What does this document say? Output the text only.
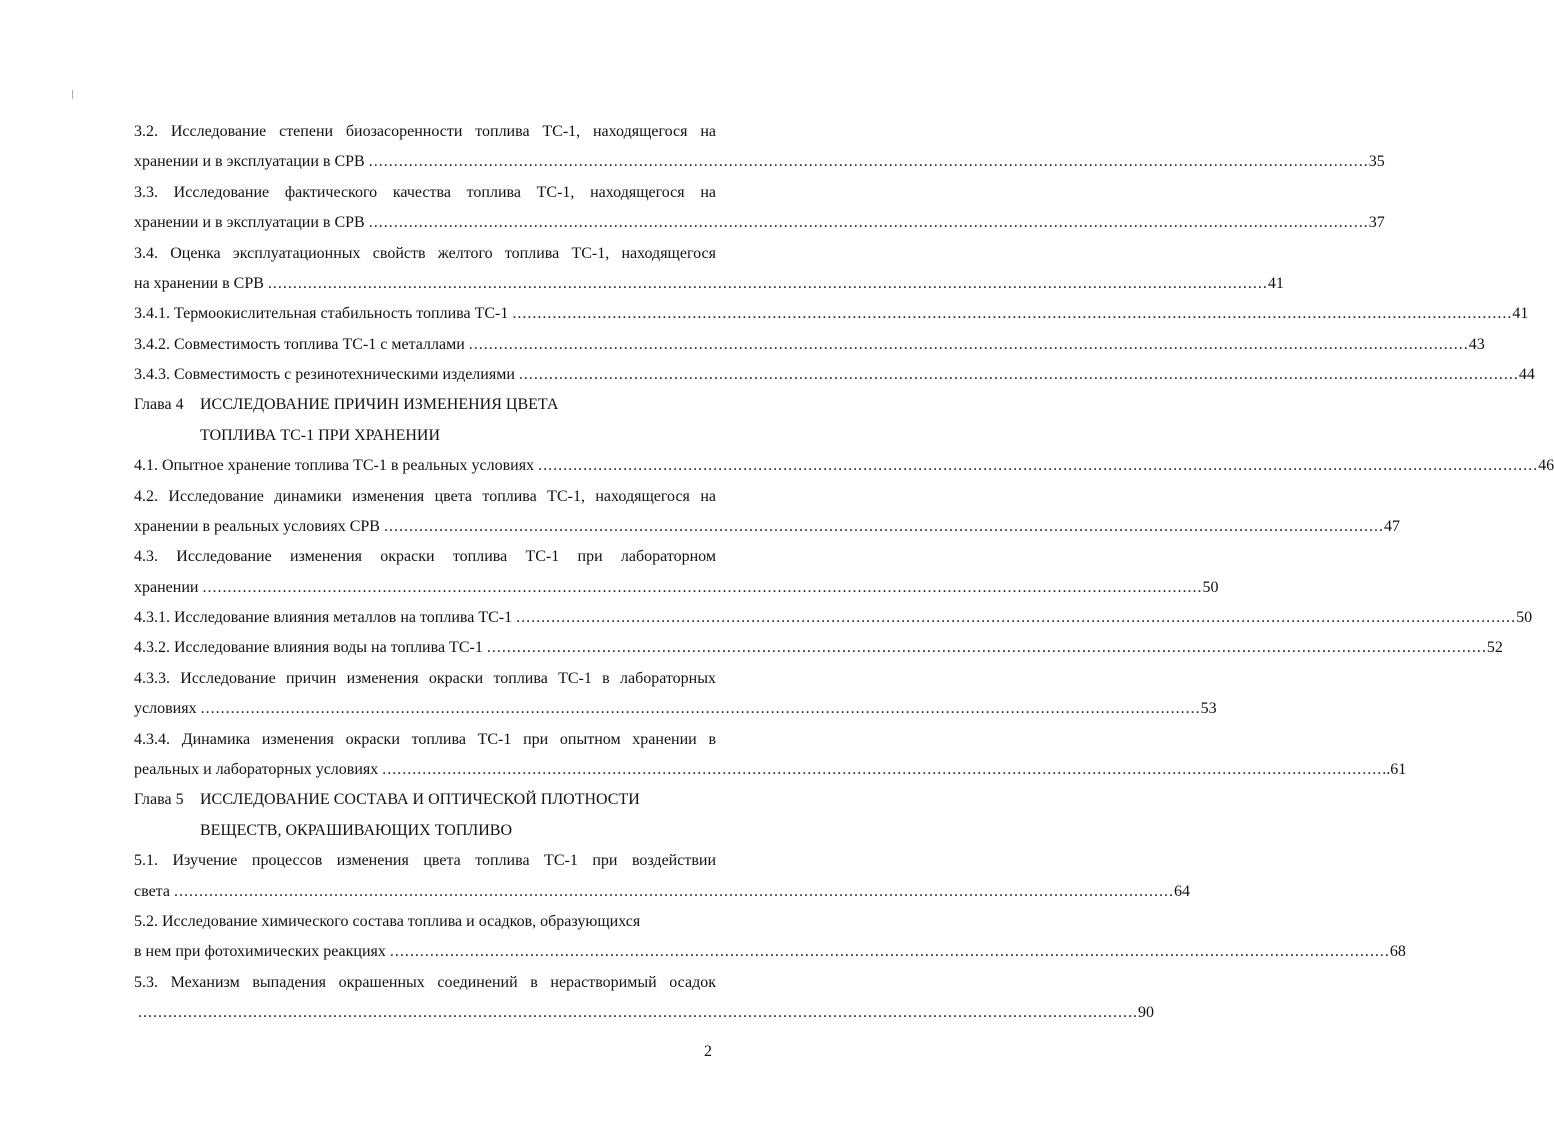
3.2. Исследование степени биозасоренности топлива ТС-1, находящегося на
хранении и в эксплуатации в СРВ ........................................................................................................................................................................................................ 35
3.3. Исследование фактического качества топлива ТС-1, находящегося на
хранении и в эксплуатации в СРВ ........................................................................................................................................................................................................ 37
3.4. Оценка эксплуатационных свойств желтого топлива ТС-1, находящегося
на хранении в СРВ ........................................................................................................................................................................................................ 41
3.4.1. Термоокислительная стабильность топлива ТС-1 ........................................................................................................................................................................................................ 41
3.4.2. Совместимость топлива ТС-1 с металлами ........................................................................................................................................................................................................ 43
3.4.3. Совместимость с резинотехническими изделиями ........................................................................................................................................................................................................ 44
Глава 4 ИССЛЕДОВАНИЕ ПРИЧИН ИЗМЕНЕНИЯ ЦВЕТА
ТОПЛИВА ТС-1 ПРИ ХРАНЕНИИ
4.1. Опытное хранение топлива ТС-1 в реальных условиях ........................................................................................................................................................................................................ 46
4.2. Исследование динамики изменения цвета топлива ТС-1, находящегося на
хранении в реальных условиях СРВ ........................................................................................................................................................................................................ 47
4.3. Исследование изменения окраски топлива ТС-1 при лабораторном
хранении ........................................................................................................................................................................................................ 50
4.3.1. Исследование влияния металлов на топлива ТС-1 ........................................................................................................................................................................................................ 50
4.3.2. Исследование влияния воды на топлива ТС-1 ........................................................................................................................................................................................................ 52
4.3.3. Исследование причин изменения окраски топлива ТС-1 в лабораторных
условиях ........................................................................................................................................................................................................ 53
4.3.4. Динамика изменения окраски топлива ТС-1 при опытном хранении в
реальных и лабораторных условиях ........................................................................................................................................................................................................ ..61
Глава 5 ИССЛЕДОВАНИЕ СОСТАВА И ОПТИЧЕСКОЙ ПЛОТНОСТИ
ВЕЩЕСТВ, ОКРАШИВАЮЩИХ ТОПЛИВО
5.1. Изучение процессов изменения цвета топлива ТС-1 при воздействии
света ........................................................................................................................................................................................................ 64
5.2. Исследование химического состава топлива и осадков, образующихся
в нем при фотохимических реакциях ........................................................................................................................................................................................................ 68
5.3. Механизм выпадения окрашенных соединений в нерастворимый осадок
........................................................................................................................................................................................................ 90
2
